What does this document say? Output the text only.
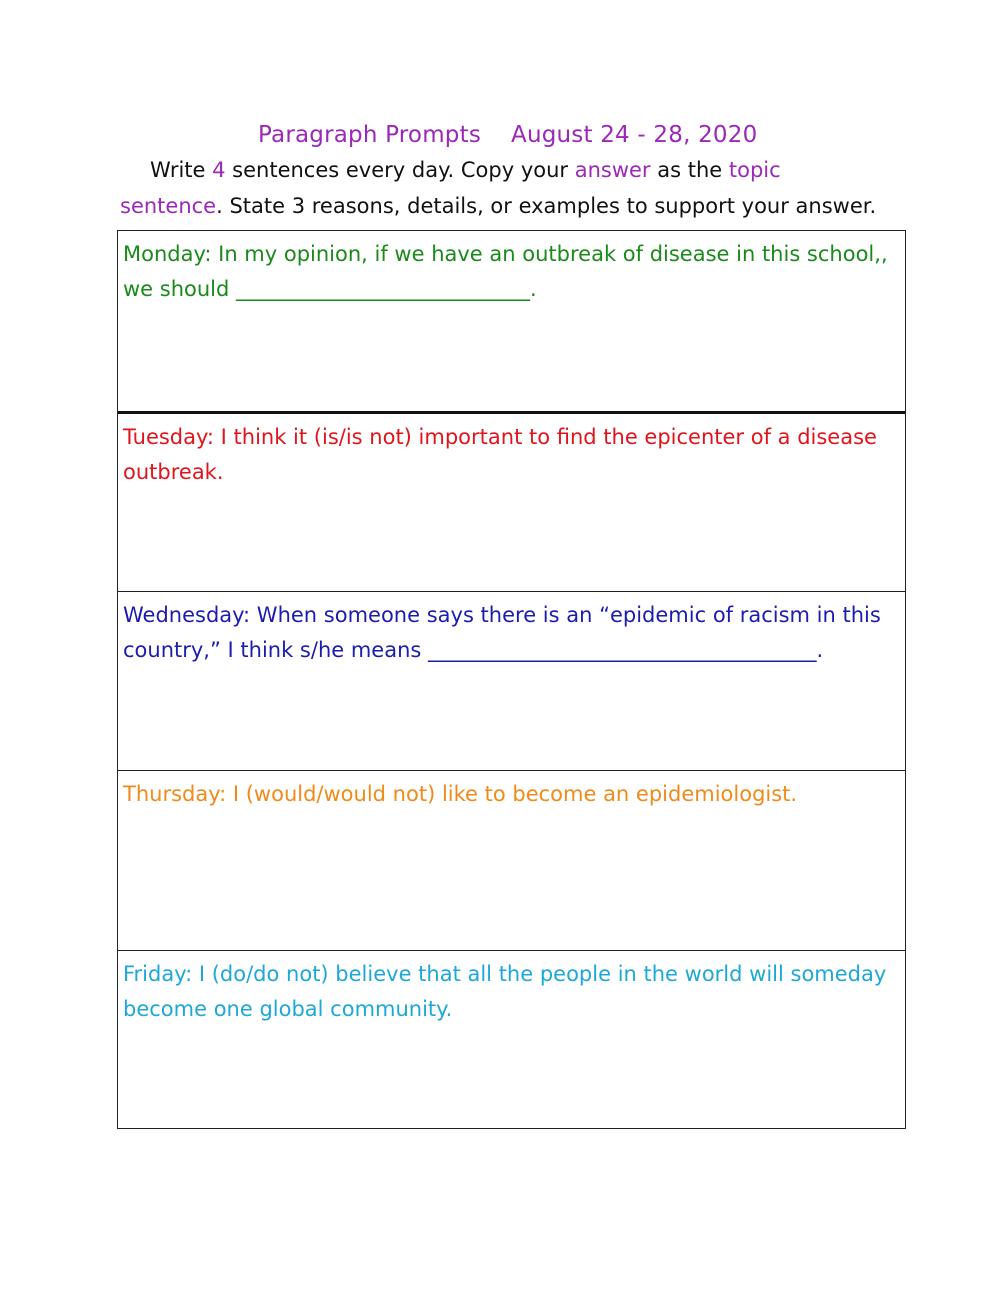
Paragraph Prompts August 24 - 28, 2020
Write 4 sentences every day. Copy your answer as the topic
sentence. State 3 reasons, details, or examples to support your answer.
Monday: In my opinion, if we have an outbreak of disease in this school,, we should ____________________________.
Tuesday: I think it (is/is not) important to find the epicenter of a disease outbreak.
Wednesday: When someone says there is an “epidemic of racism in this country,” I think s/he means _____________________________________.
Thursday: I (would/would not) like to become an epidemiologist.
Friday: I (do/do not) believe that all the people in the world will someday become one global community.
